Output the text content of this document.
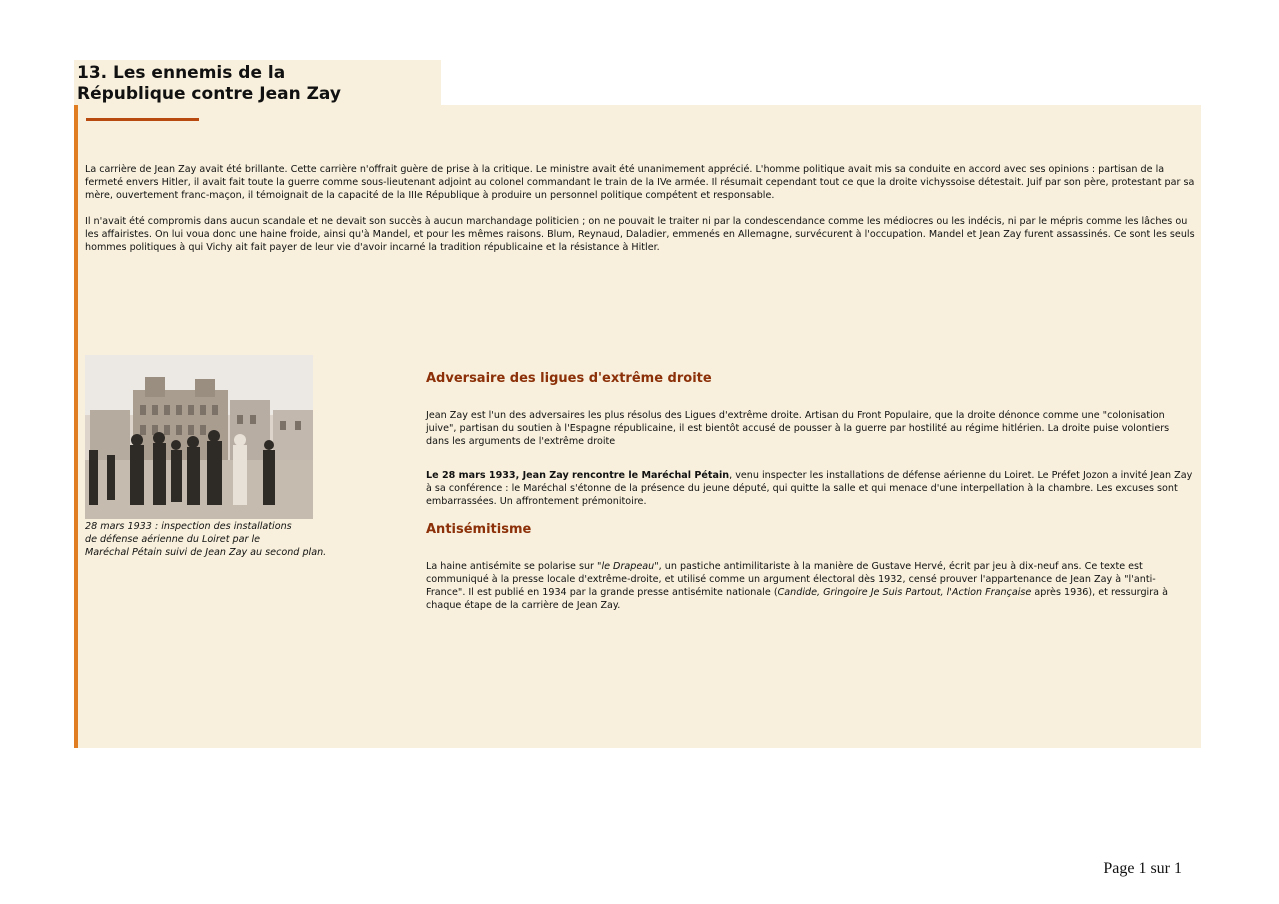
13. Les ennemis de la
République contre Jean Zay

La carrière de Jean Zay avait été brillante. Cette carrière n'offrait guère de prise à la critique. Le ministre avait été unanimement apprécié. L'homme politique avait mis sa conduite en accord avec ses opinions : partisan de la fermeté envers Hitler, il avait fait toute la guerre comme sous-lieutenant adjoint au colonel commandant le train de la IVe armée. Il résumait cependant tout ce que la droite vichyssoise détestait. Juif par son père, protestant par sa mère, ouvertement franc-maçon, il témoignait de la capacité de la IIIe République à produire un personnel politique compétent et responsable.

Il n'avait été compromis dans aucun scandale et ne devait son succès à aucun marchandage politicien ; on ne pouvait le traiter ni par la condescendance comme les médiocres ou les indécis, ni par le mépris comme les lâches ou les affairistes. On lui voua donc une haine froide, ainsi qu'à Mandel, et pour les mêmes raisons. Blum, Reynaud, Daladier, emmenés en Allemagne, survécurent à l'occupation. Mandel et Jean Zay furent assassinés. Ce sont les seuls hommes politiques à qui Vichy ait fait payer de leur vie d'avoir incarné la tradition républicaine et la résistance à Hitler.

28 mars 1933 : inspection des installations
de défense aérienne du Loiret par le
Maréchal Pétain suivi de Jean Zay au second plan.
Adversaire des ligues d'extrême droite

Jean Zay est l'un des adversaires les plus résolus des Ligues d'extrême droite. Artisan du Front Populaire, que la droite dénonce comme une "colonisation juive", partisan du soutien à l'Espagne républicaine, il est bientôt accusé de pousser à la guerre par hostilité au régime hitlérien. La droite puise volontiers dans les arguments de l'extrême droite

Le 28 mars 1933, Jean Zay rencontre le Maréchal Pétain, venu inspecter les installations de défense aérienne du Loiret. Le Préfet Jozon a invité Jean Zay à sa conférence : le Maréchal s'étonne de la présence du jeune député, qui quitte la salle et qui menace d'une interpellation à la chambre. Les excuses sont embarrassées. Un affrontement prémonitoire.

Antisémitisme

La haine antisémite se polarise sur "le Drapeau", un pastiche antimilitariste à la manière de Gustave Hervé, écrit par jeu à dix-neuf ans. Ce texte est communiqué à la presse locale d'extrême-droite, et utilisé comme un argument électoral dès 1932, censé prouver l'appartenance de Jean Zay à "l'anti-France". Il est publié en 1934 par la grande presse antisémite nationale (Candide, Gringoire Je Suis Partout, l'Action Française après 1936), et ressurgira à chaque étape de la carrière de Jean Zay.

Page 1 sur 1
